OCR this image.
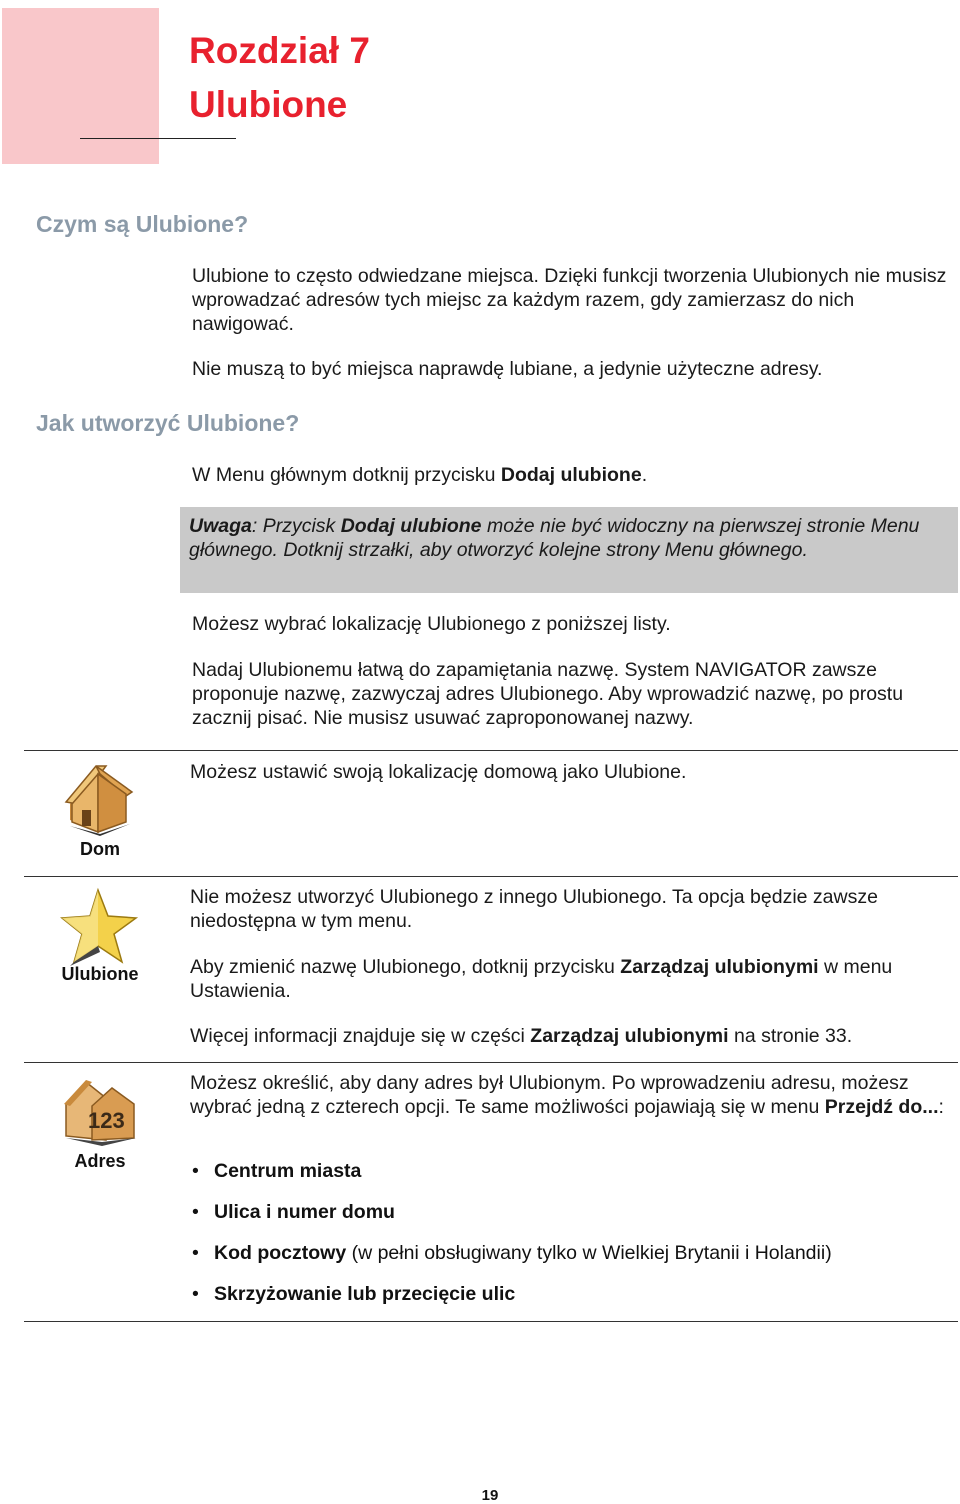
Rozdział 7
Ulubione
Czym są Ulubione?
Ulubione to często odwiedzane miejsca. Dzięki funkcji tworzenia Ulubionych nie musisz wprowadzać adresów tych miejsc za każdym razem, gdy zamierzasz do nich nawigować.
Nie muszą to być miejsca naprawdę lubiane, a jedynie użyteczne adresy.
Jak utworzyć Ulubione?
W Menu głównym dotknij przycisku Dodaj ulubione.
Uwaga: Przycisk Dodaj ulubione może nie być widoczny na pierwszej stronie Menu głównego. Dotknij strzałki, aby otworzyć kolejne strony Menu głównego.
Możesz wybrać lokalizację Ulubionego z poniższej listy.
Nadaj Ulubionemu łatwą do zapamiętania nazwę. System NAVIGATOR zawsze proponuje nazwę, zazwyczaj adres Ulubionego. Aby wprowadzić nazwę, po prostu zacznij pisać. Nie musisz usuwać zaproponowanej nazwy.
Dom
Możesz ustawić swoją lokalizację domową jako Ulubione.
Ulubione
Nie możesz utworzyć Ulubionego z innego Ulubionego. Ta opcja będzie zawsze niedostępna w tym menu.
Aby zmienić nazwę Ulubionego, dotknij przycisku Zarządzaj ulubionymi w menu Ustawienia.
Więcej informacji znajduje się w części Zarządzaj ulubionymi na stronie 33.
123
Adres
Możesz określić, aby dany adres był Ulubionym. Po wprowadzeniu adresu, możesz wybrać jedną z czterech opcji. Te same możliwości pojawiają się w menu Przejdź do...:
• Centrum miasta
• Ulica i numer domu
• Kod pocztowy (w pełni obsługiwany tylko w Wielkiej Brytanii i Holandii)
• Skrzyżowanie lub przecięcie ulic
19
